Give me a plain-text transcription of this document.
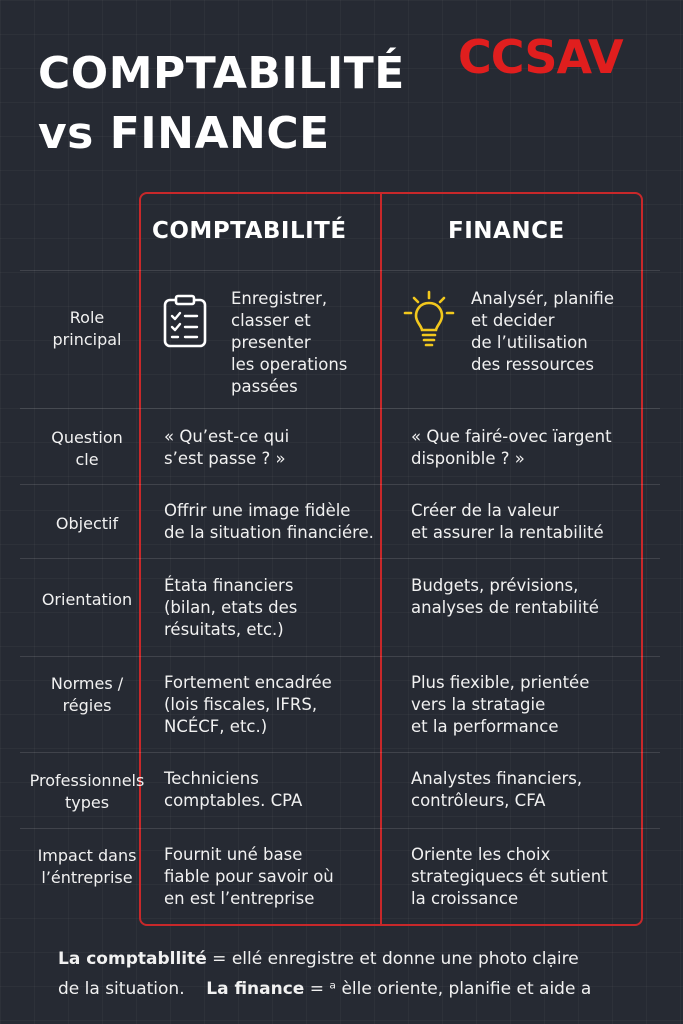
COMPTABILITÉ
vs FINANCE
CCSAV
COMPTABILITÉ	FINANCE
Role
principal
Enregistrer,
classer et
presenter
les operations
passées
Analysér, planifie
et decider
de l’utilisation
des ressources
Question
cle
« Qu’est-ce qui
s’est passe ? »
« Que fairé-ovec ïargent
disponible ? »
Objectif
Offrir une image fidèle
de la situation financiére.
Créer de la valeur
et assurer la rentabilité
Orientation
Étata financiers
(bilan, etats des
résuitats, etc.)
Budgets, prévisions,
analyses de rentabilité
Normes /
régies
Fortement encadrée
(lois fiscales, IFRS,
NCÉCF, etc.)
Plus fiexible, prientée
vers la stratagie
et la performance
Professionnels
types
Techniciens
comptables. CPA
Analystes financiers,
contrôleurs, CFA
Impact dans
l’éntreprise
Fournit uné base
ﬁable pour savoir où
en est l’entreprise
Oriente les choix
strategiquecs ét sutient
la croissance
La comptabllité = ellé enregistre et donne une photo clạire
de la situation. La finance = ᵃ èlle oriente, planifie et aide a
